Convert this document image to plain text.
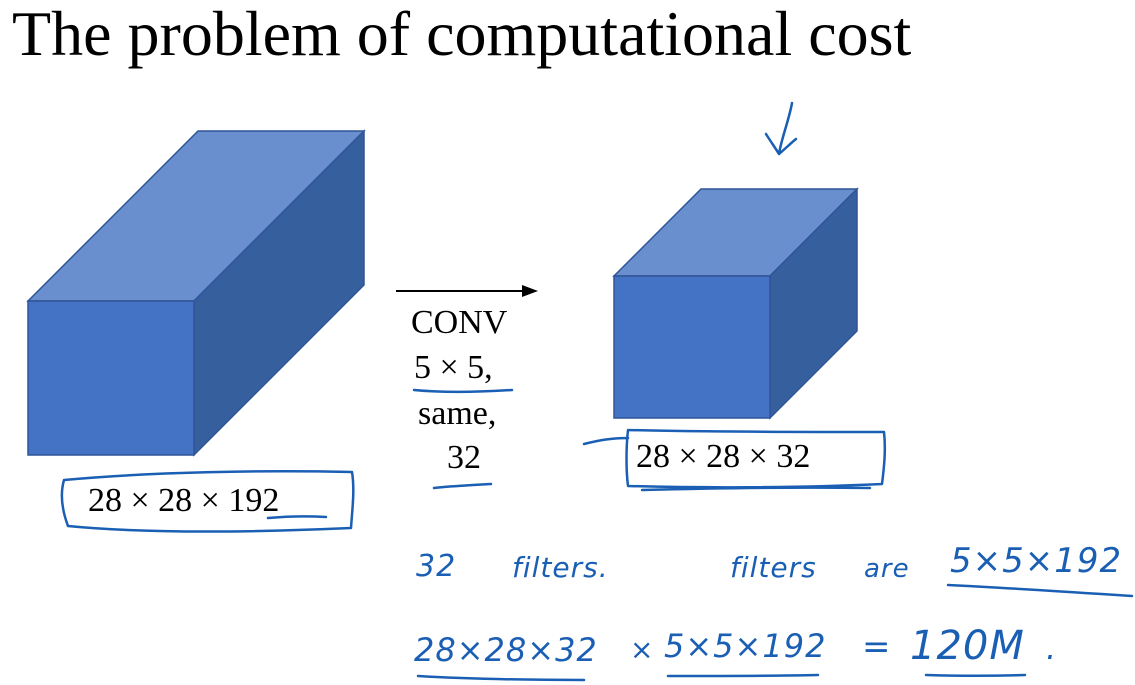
The problem of computational cost
28 × 28 × 192
CONV
5 × 5,
same,
32	28 × 28 × 32
32 filters.	filters are 5×5×192
28×28×32 × 5×5×192 = 120M .
